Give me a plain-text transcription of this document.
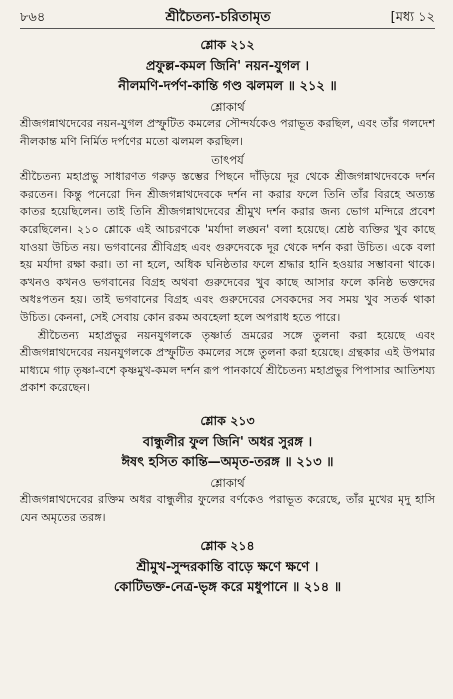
৮৬৪	শ্রীচৈতন্য-চরিতামৃত	[মধ্য ১২
শ্লোক ২১২
প্রফুল্ল-কমল জিনি' নয়ন-যুগল ।
নীলমণি-দর্পণ-কান্তি গণ্ড ঝলমল ॥ ২১২ ॥
শ্লোকার্থ

শ্রীজগন্নাথদেবের নয়ন-যুগল প্রস্ফুটিত কমলের সৌন্দর্যকেও পরাভূত করছিল, এবং তাঁর গলদেশ নীলকান্ত মণি নির্মিত দর্পণের মতো ঝলমল করছিল।

তাৎপর্য

শ্রীচৈতন্য মহাপ্রভু সাধারণত গরুড় স্তম্ভের পিছনে দাঁড়িয়ে দূর থেকে শ্রীজগন্নাথদেবকে দর্শন করতেন। কিন্তু পনেরো দিন শ্রীজগন্নাথদেবকে দর্শন না করার ফলে তিনি তাঁর বিরহে অত্যন্ত কাতর হয়েছিলেন। তাই তিনি শ্রীজগন্নাথদেবের শ্রীমুখ দর্শন করার জন্য ভোগ মন্দিরে প্রবেশ করেছিলেন। ২১০ শ্লোকে এই আচরণকে 'মর্যাদা লঙ্ঘন' বলা হয়েছে। শ্রেষ্ঠ ব্যক্তির খুব কাছে যাওয়া উচিত নয়। ভগবানের শ্রীবিগ্রহ এবং গুরুদেবকে দূর থেকে দর্শন করা উচিত। একে বলা হয় মর্যাদা রক্ষা করা। তা না হলে, অধিক ঘনিষ্ঠতার ফলে শ্রদ্ধার হানি হওয়ার সম্ভাবনা থাকে। কখনও কখনও ভগবানের বিগ্রহ অথবা গুরুদেবের খুব কাছে আসার ফলে কনিষ্ঠ ভক্তদের অধঃপতন হয়। তাই ভগবানের বিগ্রহ এবং গুরুদেবের সেবকদের সব সময় খুব সতর্ক থাকা উচিত। কেননা, সেই সেবায় কোন রকম অবহেলা হলে অপরাধ হতে পারে।

শ্রীচৈতন্য মহাপ্রভুর নয়নযুগলকে তৃষ্ণার্ত ভ্রমরের সঙ্গে তুলনা করা হয়েছে এবং শ্রীজগন্নাথদেবের নয়নযুগলকে প্রস্ফুটিত কমলের সঙ্গে তুলনা করা হয়েছে। গ্রন্থকার এই উপমার মাধ্যমে গাঢ় তৃষ্ণা-বশে কৃষ্ণমুখ-কমল দর্শন রূপ পানকার্যে শ্রীচৈতন্য মহাপ্রভুর পিপাসার আতিশয্য প্রকাশ করেছেন।

শ্লোক ২১৩
বান্ধুলীর ফুল জিনি' অধর সুরঙ্গ ।
ঈষৎ হসিত কান্তি—অমৃত-তরঙ্গ ॥ ২১৩ ॥
শ্লোকার্থ

শ্রীজগন্নাথদেবের রক্তিম অধর বান্ধুলীর ফুলের বর্ণকেও পরাভূত করেছে, তাঁর মুখের মৃদু হাসি যেন অমৃতের তরঙ্গ।

শ্লোক ২১৪
শ্রীমুখ-সুন্দরকান্তি বাড়ে ক্ষণে ক্ষণে ।
কোটিভক্ত-নেত্র-ভৃঙ্গ করে মধুপানে ॥ ২১৪ ॥
